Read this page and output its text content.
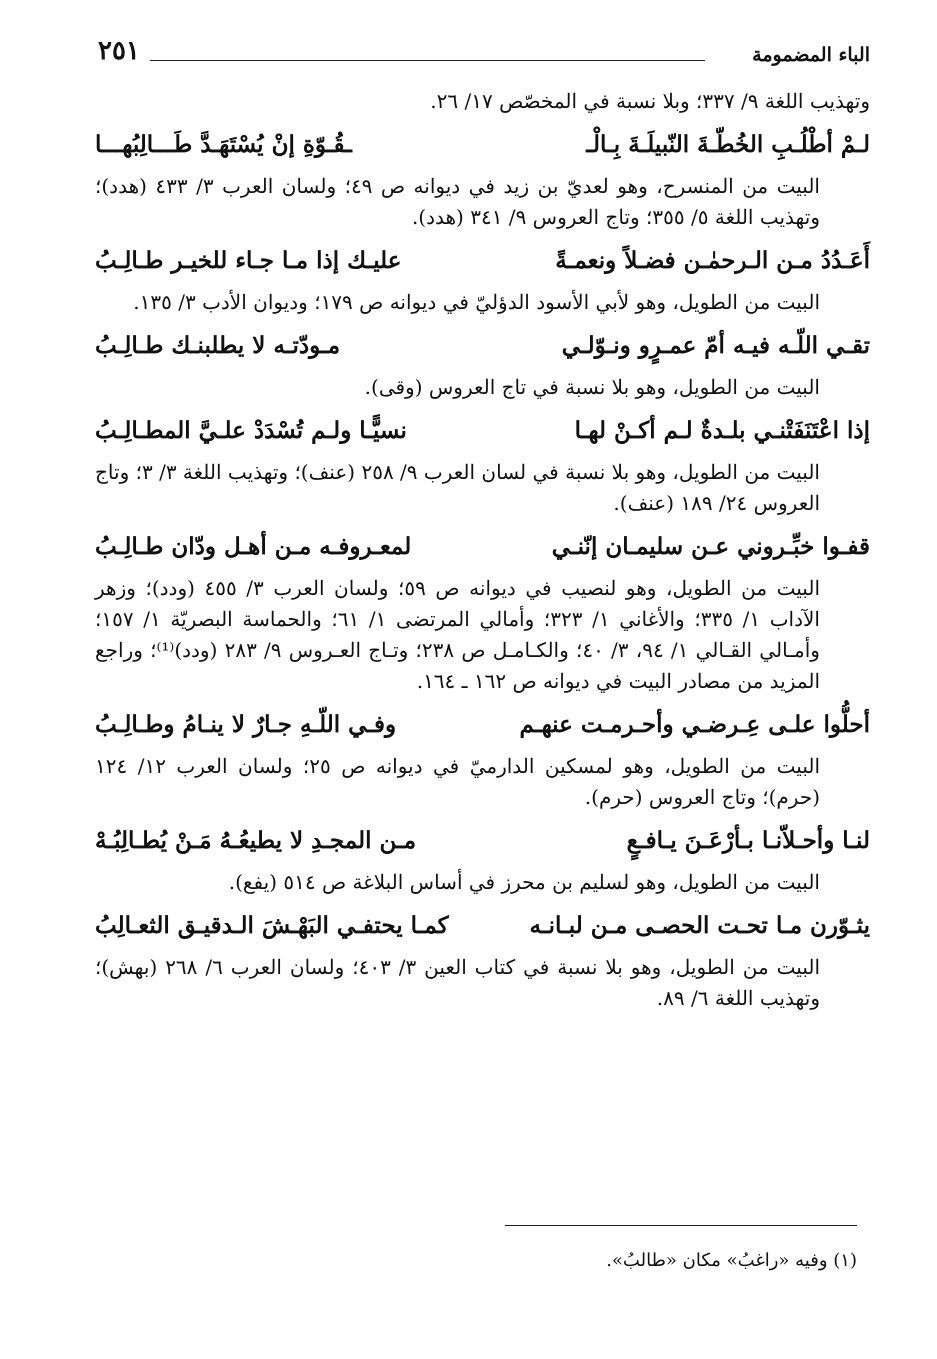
الباء المضمومة
٢٥١

وتهذيب اللغة ٩/ ٣٣٧؛ وبلا نسبة في المخصّص ١٧/ ٢٦.

لـمْ أطْلُـبِ الخُطّـةَ النّبيلَـةَ بِـالْـ
ـقُـوّةِ إنْ يُسْتَهَـدَّ طَـــالِبُهـــا

البيت من المنسرح، وهو لعديّ بن زيد في ديوانه ص ٤٩؛ ولسان العرب ٣/ ٤٣٣ (هدد)؛ وتهذيب اللغة ٥/ ٣٥٥؛ وتاج العروس ٩/ ٣٤١ (هدد).

أَعَـدُدُ مـن الـرحمٰـن فضـلاً ونعمـةً
عليـك إذا مـا جـاء للخيـر طـالِـبُ

البيت من الطويل، وهو لأبي الأسود الدؤليّ في ديوانه ص ١٧٩؛ وديوان الأدب ٣/ ١٣٥.

تقـي اللّـه فيـه أمّ عمـرٍو ونـوّلـي
مـودّتـه لا يطلبنـك طـالِـبُ

البيت من الطويل، وهو بلا نسبة في تاج العروس (وقى).

إذا اعْتَنَفَتْنـي بلـدةٌ لـم أكـنْ لهـا
نسيًّـا ولـم تُسْدَدْ علـيَّ المطـالِـبُ

البيت من الطويل، وهو بلا نسبة في لسان العرب ٩/ ٢٥٨ (عنف)؛ وتهذيب اللغة ٣/ ٣؛ وتاج العروس ٢٤/ ١٨٩ (عنف).

قفـوا خبِّـروني عـن سليمـان إنّنـي
لمعـروفـه مـن أهـل ودّان طـالِـبُ

البيت من الطويل، وهو لنصيب في ديوانه ص ٥٩؛ ولسان العرب ٣/ ٤٥٥ (ودد)؛ وزهر الآداب ١/ ٣٣٥؛ والأغاني ١/ ٣٢٣؛ وأمالي المرتضى ١/ ٦١؛ والحماسة البصريّة ١/ ١٥٧؛ وأمـالي القـالي ١/ ٩٤، ٣/ ٤٠؛ والكـامـل ص ٢٣٨؛ وتـاج العـروس ٩/ ٢٨٣ (ودد)⁽¹⁾؛ وراجع المزيد من مصادر البيت في ديوانه ص ١٦٢ ـ ١٦٤.

أحلُّوا علـى عِـرضـي وأحـرمـت عنهـم
وفـي اللّـهِ جـارٌ لا ينـامُ وطـالِـبُ

البيت من الطويل، وهو لمسكين الدارميّ في ديوانه ص ٢٥؛ ولسان العرب ١٢/ ١٢٤ (حرم)؛ وتاج العروس (حرم).

لنـا وأحـلاّنـا بـأرْعَـنَ يـافـعٍ
مـن المجـدِ لا يطيعُـهُ مَـنْ يُطـالِبُـهْ

البيت من الطويل، وهو لسليم بن محرز في أساس البلاغة ص ٥١٤ (يفع).

يثـوّرن مـا تحـت الحصـى مـن لبـانـه
كمـا يحتفـي البَهْـشَ الـدقيـق الثعـالِبُ

البيت من الطويل، وهو بلا نسبة في كتاب العين ٣/ ٤٠٣؛ ولسان العرب ٦/ ٢٦٨ (بهش)؛ وتهذيب اللغة ٦/ ٨٩.

(١) وفيه «راغبُ» مكان «طالبُ».
